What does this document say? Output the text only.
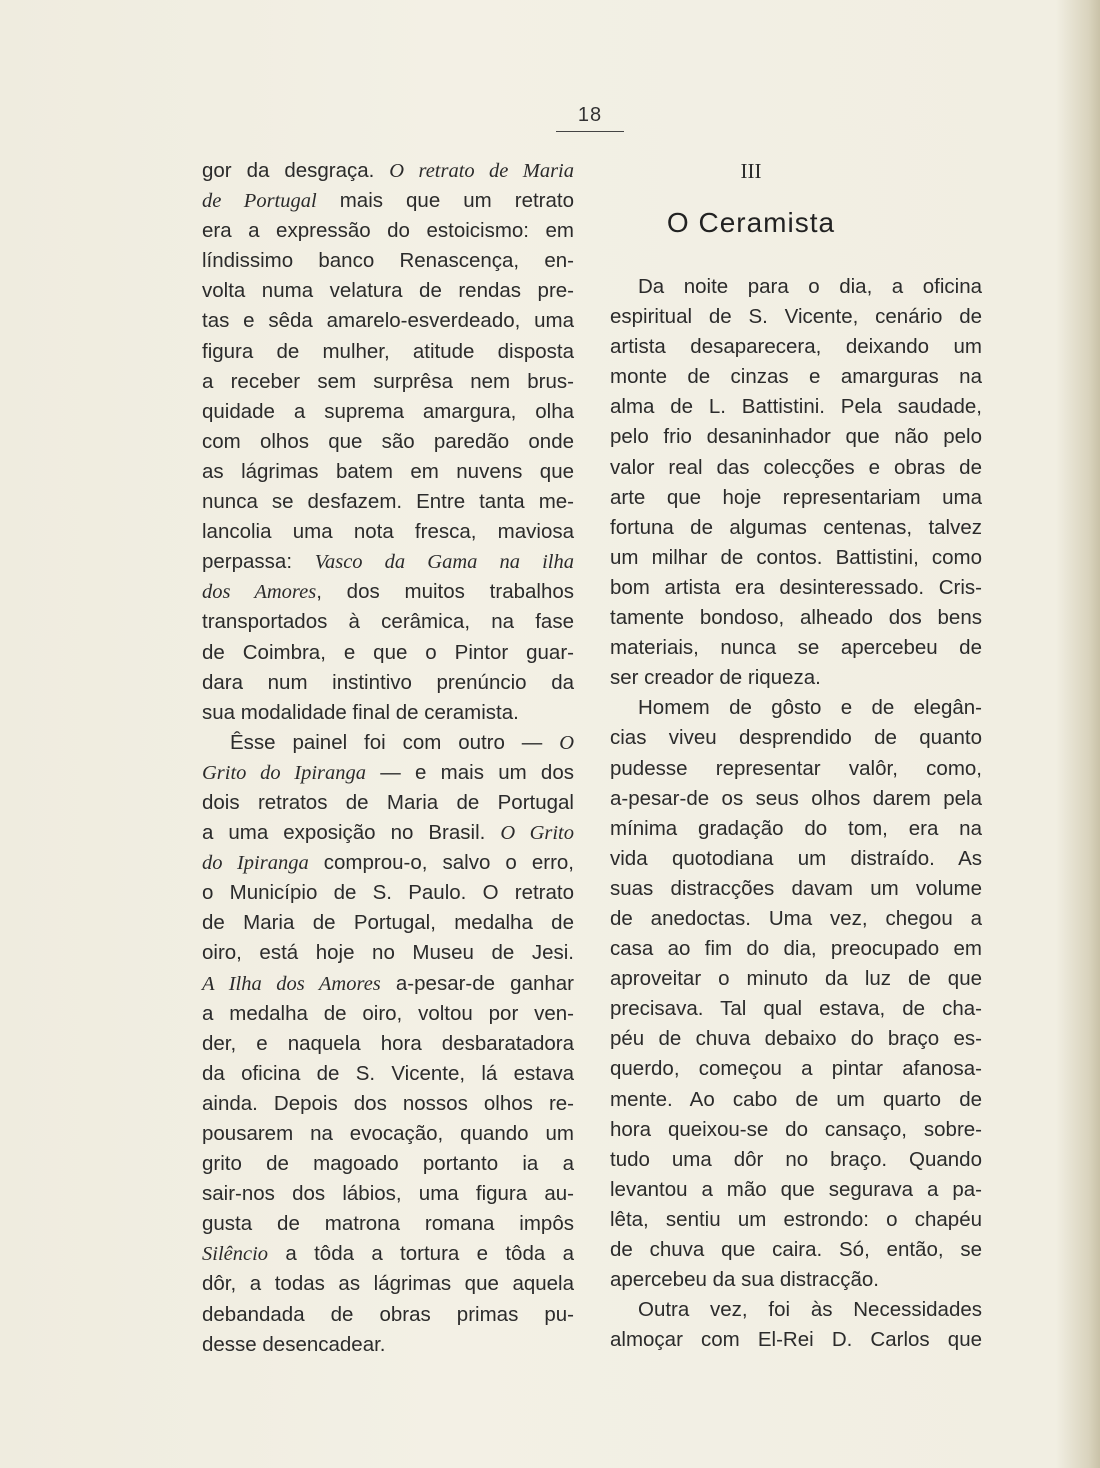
18
gor da desgraça. O retrato de Maria
de Portugal mais que um retrato
era a expressão do estoicismo: em
líndissimo banco Renascença, en-
volta numa velatura de rendas pre-
tas e sêda amarelo-esverdeado, uma
figura de mulher, atitude disposta
a receber sem surprêsa nem brus-
quidade a suprema amargura, olha
com olhos que são paredão onde
as lágrimas batem em nuvens que
nunca se desfazem. Entre tanta me-
lancolia uma nota fresca, maviosa
perpassa: Vasco da Gama na ilha
dos Amores, dos muitos trabalhos
transportados à cerâmica, na fase
de Coimbra, e que o Pintor guar-
dara num instintivo prenúncio da
sua modalidade final de ceramista.
Êsse painel foi com outro — O
Grito do Ipiranga — e mais um dos
dois retratos de Maria de Portugal
a uma exposição no Brasil. O Grito
do Ipiranga comprou-o, salvo o erro,
o Município de S. Paulo. O retrato
de Maria de Portugal, medalha de
oiro, está hoje no Museu de Jesi.
A Ilha dos Amores a-pesar-de ganhar
a medalha de oiro, voltou por ven-
der, e naquela hora desbaratadora
da oficina de S. Vicente, lá estava
ainda. Depois dos nossos olhos re-
pousarem na evocação, quando um
grito de magoado portanto ia a
sair-nos dos lábios, uma figura au-
gusta de matrona romana impôs
Silêncio a tôda a tortura e tôda a
dôr, a todas as lágrimas que aquela
debandada de obras primas pu-
desse desencadear.
III
O Ceramista
Da noite para o dia, a oficina
espiritual de S. Vicente, cenário de
artista desaparecera, deixando um
monte de cinzas e amarguras na
alma de L. Battistini. Pela saudade,
pelo frio desaninhador que não pelo
valor real das colecções e obras de
arte que hoje representariam uma
fortuna de algumas centenas, talvez
um milhar de contos. Battistini, como
bom artista era desinteressado. Cris-
tamente bondoso, alheado dos bens
materiais, nunca se apercebeu de
ser creador de riqueza.
Homem de gôsto e de elegân-
cias viveu desprendido de quanto
pudesse representar valôr, como,
a-pesar-de os seus olhos darem pela
mínima gradação do tom, era na
vida quotodiana um distraído. As
suas distracções davam um volume
de anedoctas. Uma vez, chegou a
casa ao fim do dia, preocupado em
aproveitar o minuto da luz de que
precisava. Tal qual estava, de cha-
péu de chuva debaixo do braço es-
querdo, começou a pintar afanosa-
mente. Ao cabo de um quarto de
hora queixou-se do cansaço, sobre-
tudo uma dôr no braço. Quando
levantou a mão que segurava a pa-
lêta, sentiu um estrondo: o chapéu
de chuva que caira. Só, então, se
apercebeu da sua distracção.
Outra vez, foi às Necessidades
almoçar com El-Rei D. Carlos que
